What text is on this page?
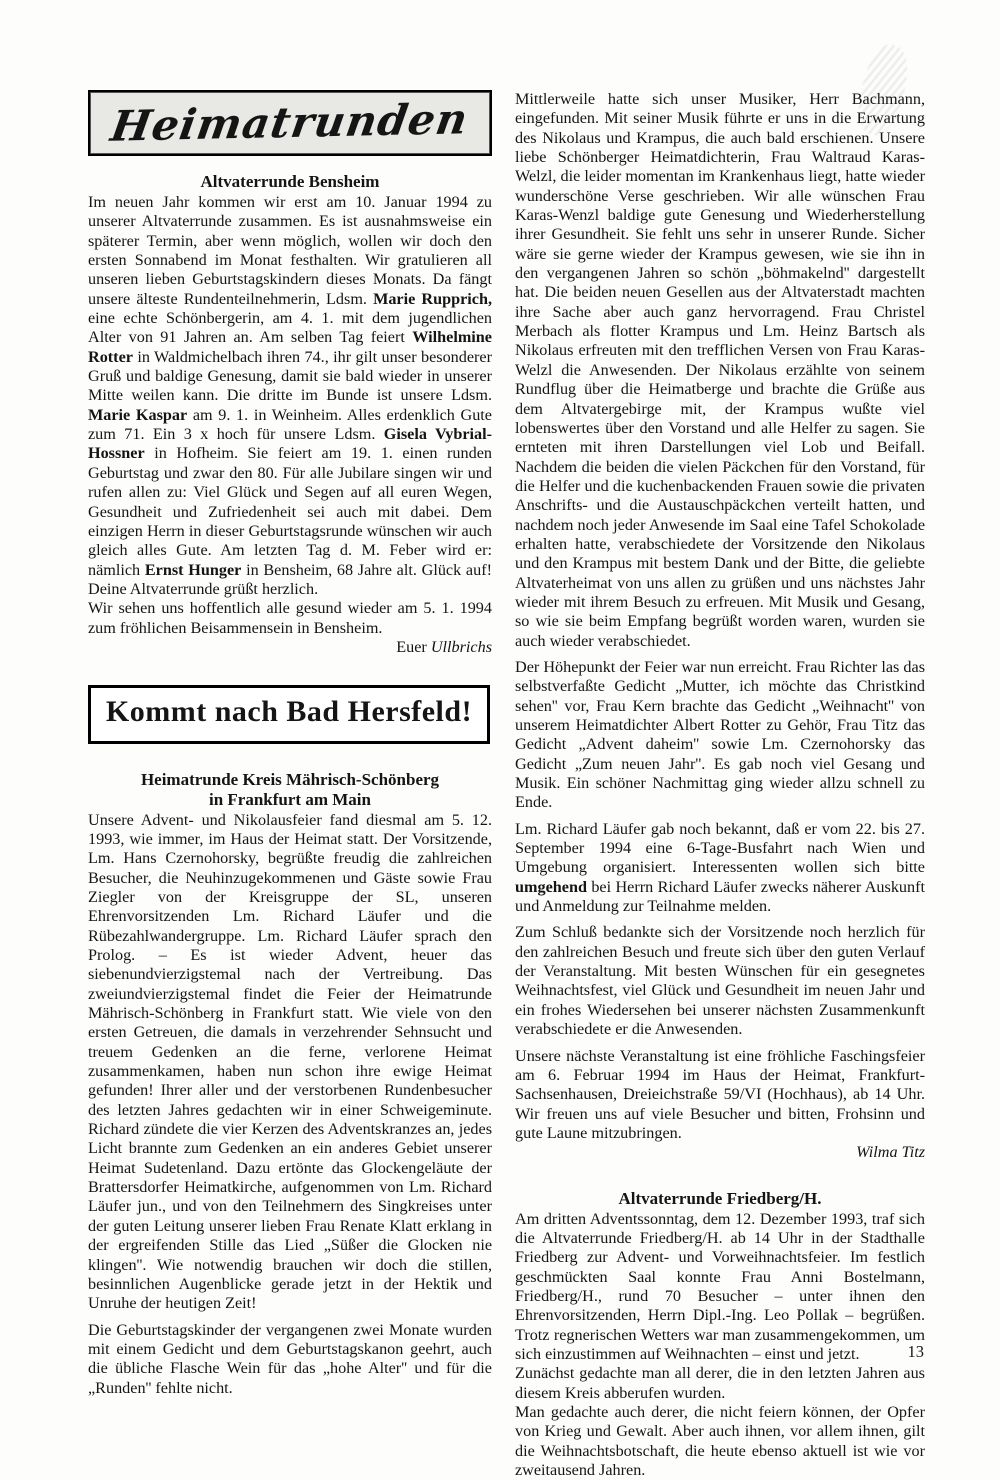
Heimatrunden
Altvaterrunde Bensheim

Im neuen Jahr kommen wir erst am 10. Januar 1994 zu unserer Altvaterrunde zusammen. Es ist ausnahmsweise ein späterer Termin, aber wenn möglich, wollen wir doch den ersten Sonnabend im Monat festhalten. Wir gratulieren all unseren lieben Geburtstagskindern dieses Monats. Da fängt unsere älteste Rundenteilnehmerin, Ldsm. Marie Rupprich, eine echte Schönbergerin, am 4. 1. mit dem jugendlichen Alter von 91 Jahren an. Am selben Tag feiert Wilhelmine Rotter in Waldmichelbach ihren 74., ihr gilt unser besonderer Gruß und baldige Genesung, damit sie bald wieder in unserer Mitte weilen kann. Die dritte im Bunde ist unsere Ldsm. Marie Kaspar am 9. 1. in Weinheim. Alles erdenklich Gute zum 71. Ein 3 x hoch für unsere Ldsm. Gisela Vybrial-Hossner in Hofheim. Sie feiert am 19. 1. einen runden Geburtstag und zwar den 80. Für alle Jubilare singen wir und rufen allen zu: Viel Glück und Segen auf all euren Wegen, Gesundheit und Zufriedenheit sei auch mit dabei. Dem einzigen Herrn in dieser Geburtstagsrunde wünschen wir auch gleich alles Gute. Am letzten Tag d. M. Feber wird er: nämlich Ernst Hunger in Bensheim, 68 Jahre alt. Glück auf! Deine Altvaterrunde grüßt herzlich.

Wir sehen uns hoffentlich alle gesund wieder am 5. 1. 1994 zum fröhlichen Beisammensein in Bensheim.

Euer Ullbrichs

Kommt nach Bad Hersfeld!
Heimatrunde Kreis Mährisch-Schönberg
in Frankfurt am Main

Unsere Advent- und Nikolausfeier fand diesmal am 5. 12. 1993, wie immer, im Haus der Heimat statt. Der Vorsitzende, Lm. Hans Czernohorsky, begrüßte freudig die zahlreichen Besucher, die Neuhinzugekommenen und Gäste sowie Frau Ziegler von der Kreisgruppe der SL, unseren Ehrenvorsitzenden Lm. Richard Läufer und die Rübezahlwandergruppe. Lm. Richard Läufer sprach den Prolog. – Es ist wieder Advent, heuer das siebenundvierzigstemal nach der Vertreibung. Das zweiundvierzigstemal findet die Feier der Heimatrunde Mährisch-Schönberg in Frankfurt statt. Wie viele von den ersten Getreuen, die damals in verzehrender Sehnsucht und treuem Gedenken an die ferne, verlorene Heimat zusammenkamen, haben nun schon ihre ewige Heimat gefunden! Ihrer aller und der verstorbenen Rundenbesucher des letzten Jahres gedachten wir in einer Schweigeminute. Richard zündete die vier Kerzen des Adventskranzes an, jedes Licht brannte zum Gedenken an ein anderes Gebiet unserer Heimat Sudetenland. Dazu ertönte das Glockengeläute der Brattersdorfer Heimatkirche, aufgenommen von Lm. Richard Läufer jun., und von den Teilnehmern des Singkreises unter der guten Leitung unserer lieben Frau Renate Klatt erklang in der ergreifenden Stille das Lied „Süßer die Glocken nie klingen''. Wie notwendig brauchen wir doch die stillen, besinnlichen Augenblicke gerade jetzt in der Hektik und Unruhe der heutigen Zeit!

Die Geburtstagskinder der vergangenen zwei Monate wurden mit einem Gedicht und dem Geburtstagskanon geehrt, auch die übliche Flasche Wein für das „hohe Alter'' und für die „Runden'' fehlte nicht.

Mittlerweile hatte sich unser Musiker, Herr Bachmann, eingefunden. Mit seiner Musik führte er uns in die Erwartung des Nikolaus und Krampus, die auch bald erschienen. Unsere liebe Schönberger Heimatdichterin, Frau Waltraud Karas-Welzl, die leider momentan im Krankenhaus liegt, hatte wieder wunderschöne Verse geschrieben. Wir alle wünschen Frau Karas-Wenzl baldige gute Genesung und Wiederherstellung ihrer Gesundheit. Sie fehlt uns sehr in unserer Runde. Sicher wäre sie gerne wieder der Krampus gewesen, wie sie ihn in den vergangenen Jahren so schön „böhmakelnd'' dargestellt hat. Die beiden neuen Gesellen aus der Altvaterstadt machten ihre Sache aber auch ganz hervorragend. Frau Christel Merbach als flotter Krampus und Lm. Heinz Bartsch als Nikolaus erfreuten mit den trefflichen Versen von Frau Karas-Welzl die Anwesenden. Der Nikolaus erzählte von seinem Rundflug über die Heimatberge und brachte die Grüße aus dem Altvatergebirge mit, der Krampus wußte viel lobenswertes über den Vorstand und alle Helfer zu sagen. Sie ernteten mit ihren Darstellungen viel Lob und Beifall. Nachdem die beiden die vielen Päckchen für den Vorstand, für die Helfer und die kuchenbackenden Frauen sowie die privaten Anschrifts- und die Austauschpäckchen verteilt hatten, und nachdem noch jeder Anwesende im Saal eine Tafel Schokolade erhalten hatte, verabschiedete der Vorsitzende den Nikolaus und den Krampus mit bestem Dank und der Bitte, die geliebte Altvaterheimat von uns allen zu grüßen und uns nächstes Jahr wieder mit ihrem Besuch zu erfreuen. Mit Musik und Gesang, so wie sie beim Empfang begrüßt worden waren, wurden sie auch wieder verabschiedet.

Der Höhepunkt der Feier war nun erreicht. Frau Richter las das selbstverfaßte Gedicht „Mutter, ich möchte das Christkind sehen'' vor, Frau Kern brachte das Gedicht „Weihnacht'' von unserem Heimatdichter Albert Rotter zu Gehör, Frau Titz das Gedicht „Advent daheim'' sowie Lm. Czernohorsky das Gedicht „Zum neuen Jahr''. Es gab noch viel Gesang und Musik. Ein schöner Nachmittag ging wieder allzu schnell zu Ende.

Lm. Richard Läufer gab noch bekannt, daß er vom 22. bis 27. September 1994 eine 6-Tage-Busfahrt nach Wien und Umgebung organisiert. Interessenten wollen sich bitte umgehend bei Herrn Richard Läufer zwecks näherer Auskunft und Anmeldung zur Teilnahme melden.

Zum Schluß bedankte sich der Vorsitzende noch herzlich für den zahlreichen Besuch und freute sich über den guten Verlauf der Veranstaltung. Mit besten Wünschen für ein gesegnetes Weihnachtsfest, viel Glück und Gesundheit im neuen Jahr und ein frohes Wiedersehen bei unserer nächsten Zusammenkunft verabschiedete er die Anwesenden.

Unsere nächste Veranstaltung ist eine fröhliche Faschingsfeier am 6. Februar 1994 im Haus der Heimat, Frankfurt-Sachsenhausen, Dreieichstraße 59/VI (Hochhaus), ab 14 Uhr. Wir freuen uns auf viele Besucher und bitten, Frohsinn und gute Laune mitzubringen.

Wilma Titz

Altvaterrunde Friedberg/H.

Am dritten Adventssonntag, dem 12. Dezember 1993, traf sich die Altvaterrunde Friedberg/H. ab 14 Uhr in der Stadthalle Friedberg zur Advent- und Vorweihnachtsfeier. Im festlich geschmückten Saal konnte Frau Anni Bostelmann, Friedberg/H., rund 70 Besucher – unter ihnen den Ehrenvorsitzenden, Herrn Dipl.-Ing. Leo Pollak – begrüßen. Trotz regnerischen Wetters war man zusammengekommen, um sich einzustimmen auf Weihnachten – einst und jetzt.

Zunächst gedachte man all derer, die in den letzten Jahren aus diesem Kreis abberufen wurden.

Man gedachte auch derer, die nicht feiern können, der Opfer von Krieg und Gewalt. Aber auch ihnen, vor allem ihnen, gilt die Weihnachtsbotschaft, die heute ebenso aktuell ist wie vor zweitausend Jahren.

13
